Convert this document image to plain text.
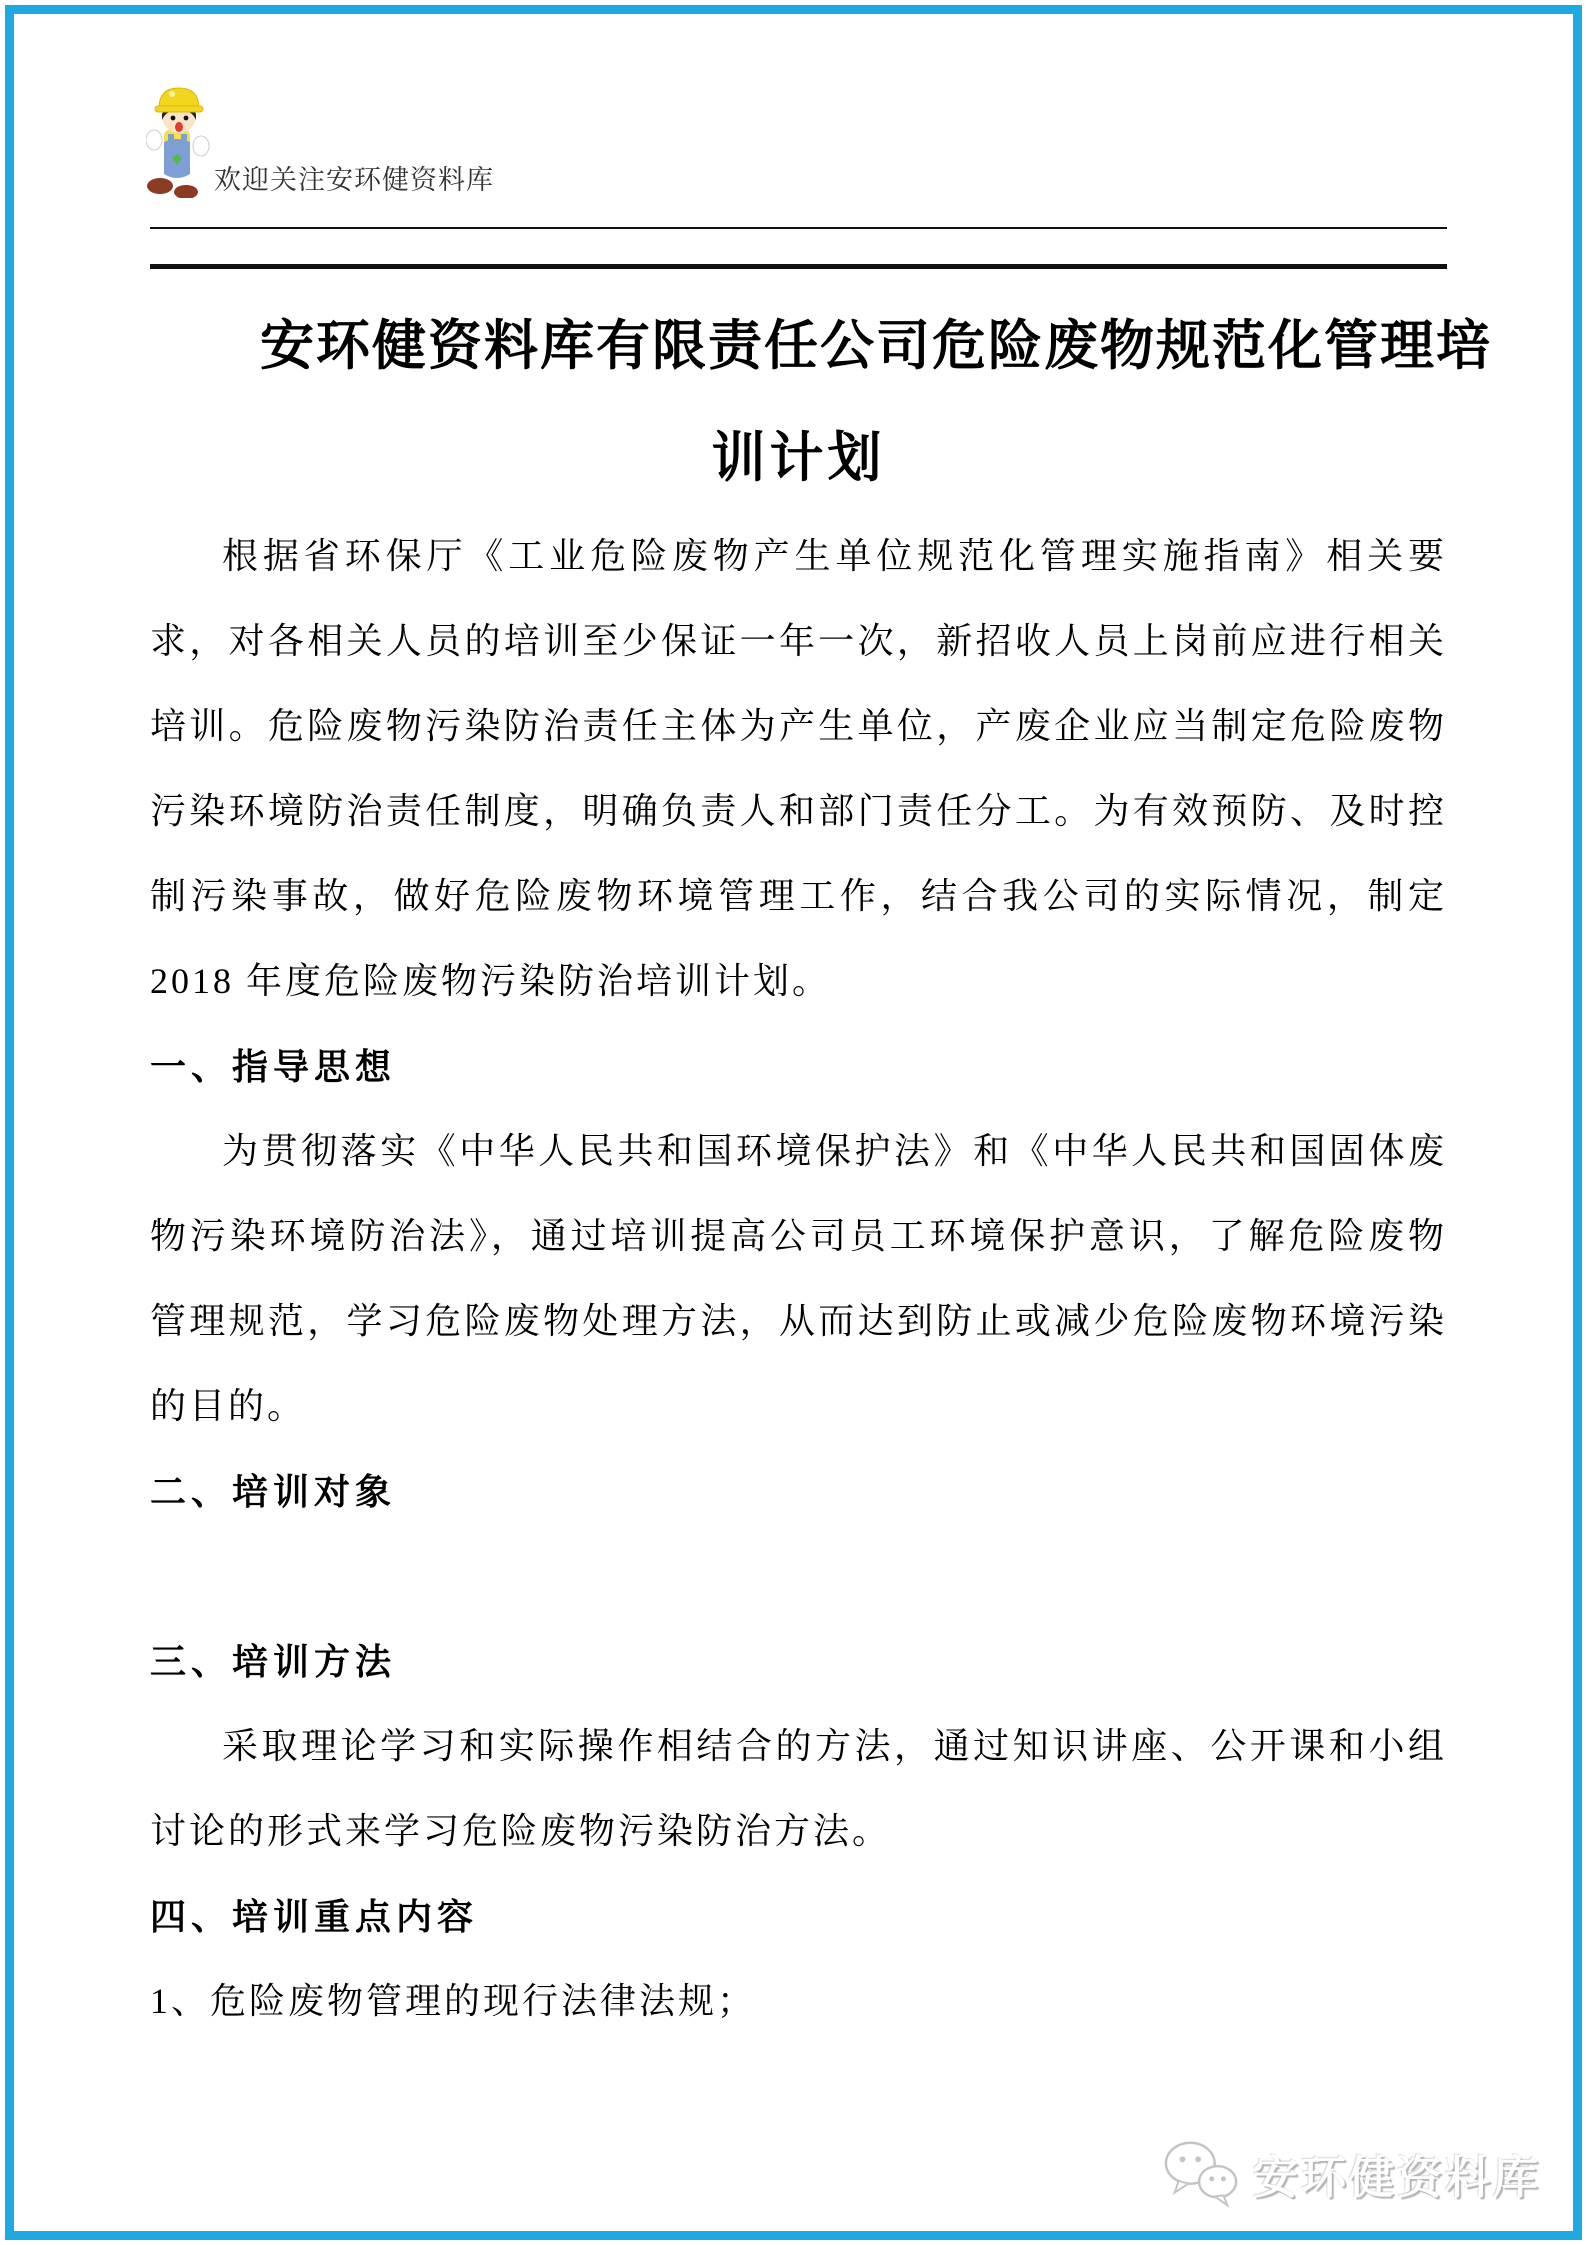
欢迎关注安环健资料库
安环健资料库有限责任公司危险废物规范化管理培
训计划

根据省环保厅《工业危险废物产生单位规范化管理实施指南》相关要求，对各相关人员的培训至少保证一年一次，新招收人员上岗前应进行相关培训。危险废物污染防治责任主体为产生单位，产废企业应当制定危险废物污染环境防治责任制度，明确负责人和部门责任分工。为有效预防、及时控制污染事故，做好危险废物环境管理工作，结合我公司的实际情况，制定 2018 年度危险废物污染防治培训计划。

一、指导思想

为贯彻落实《中华人民共和国环境保护法》和《中华人民共和国固体废物污染环境防治法》，通过培训提高公司员工环境保护意识，了解危险废物管理规范，学习危险废物处理方法，从而达到防止或减少危险废物环境污染的目的。

二、培训对象

三、培训方法

采取理论学习和实际操作相结合的方法，通过知识讲座、公开课和小组讨论的形式来学习危险废物污染防治方法。

四、培训重点内容

1、危险废物管理的现行法律法规；

安环健资料库
